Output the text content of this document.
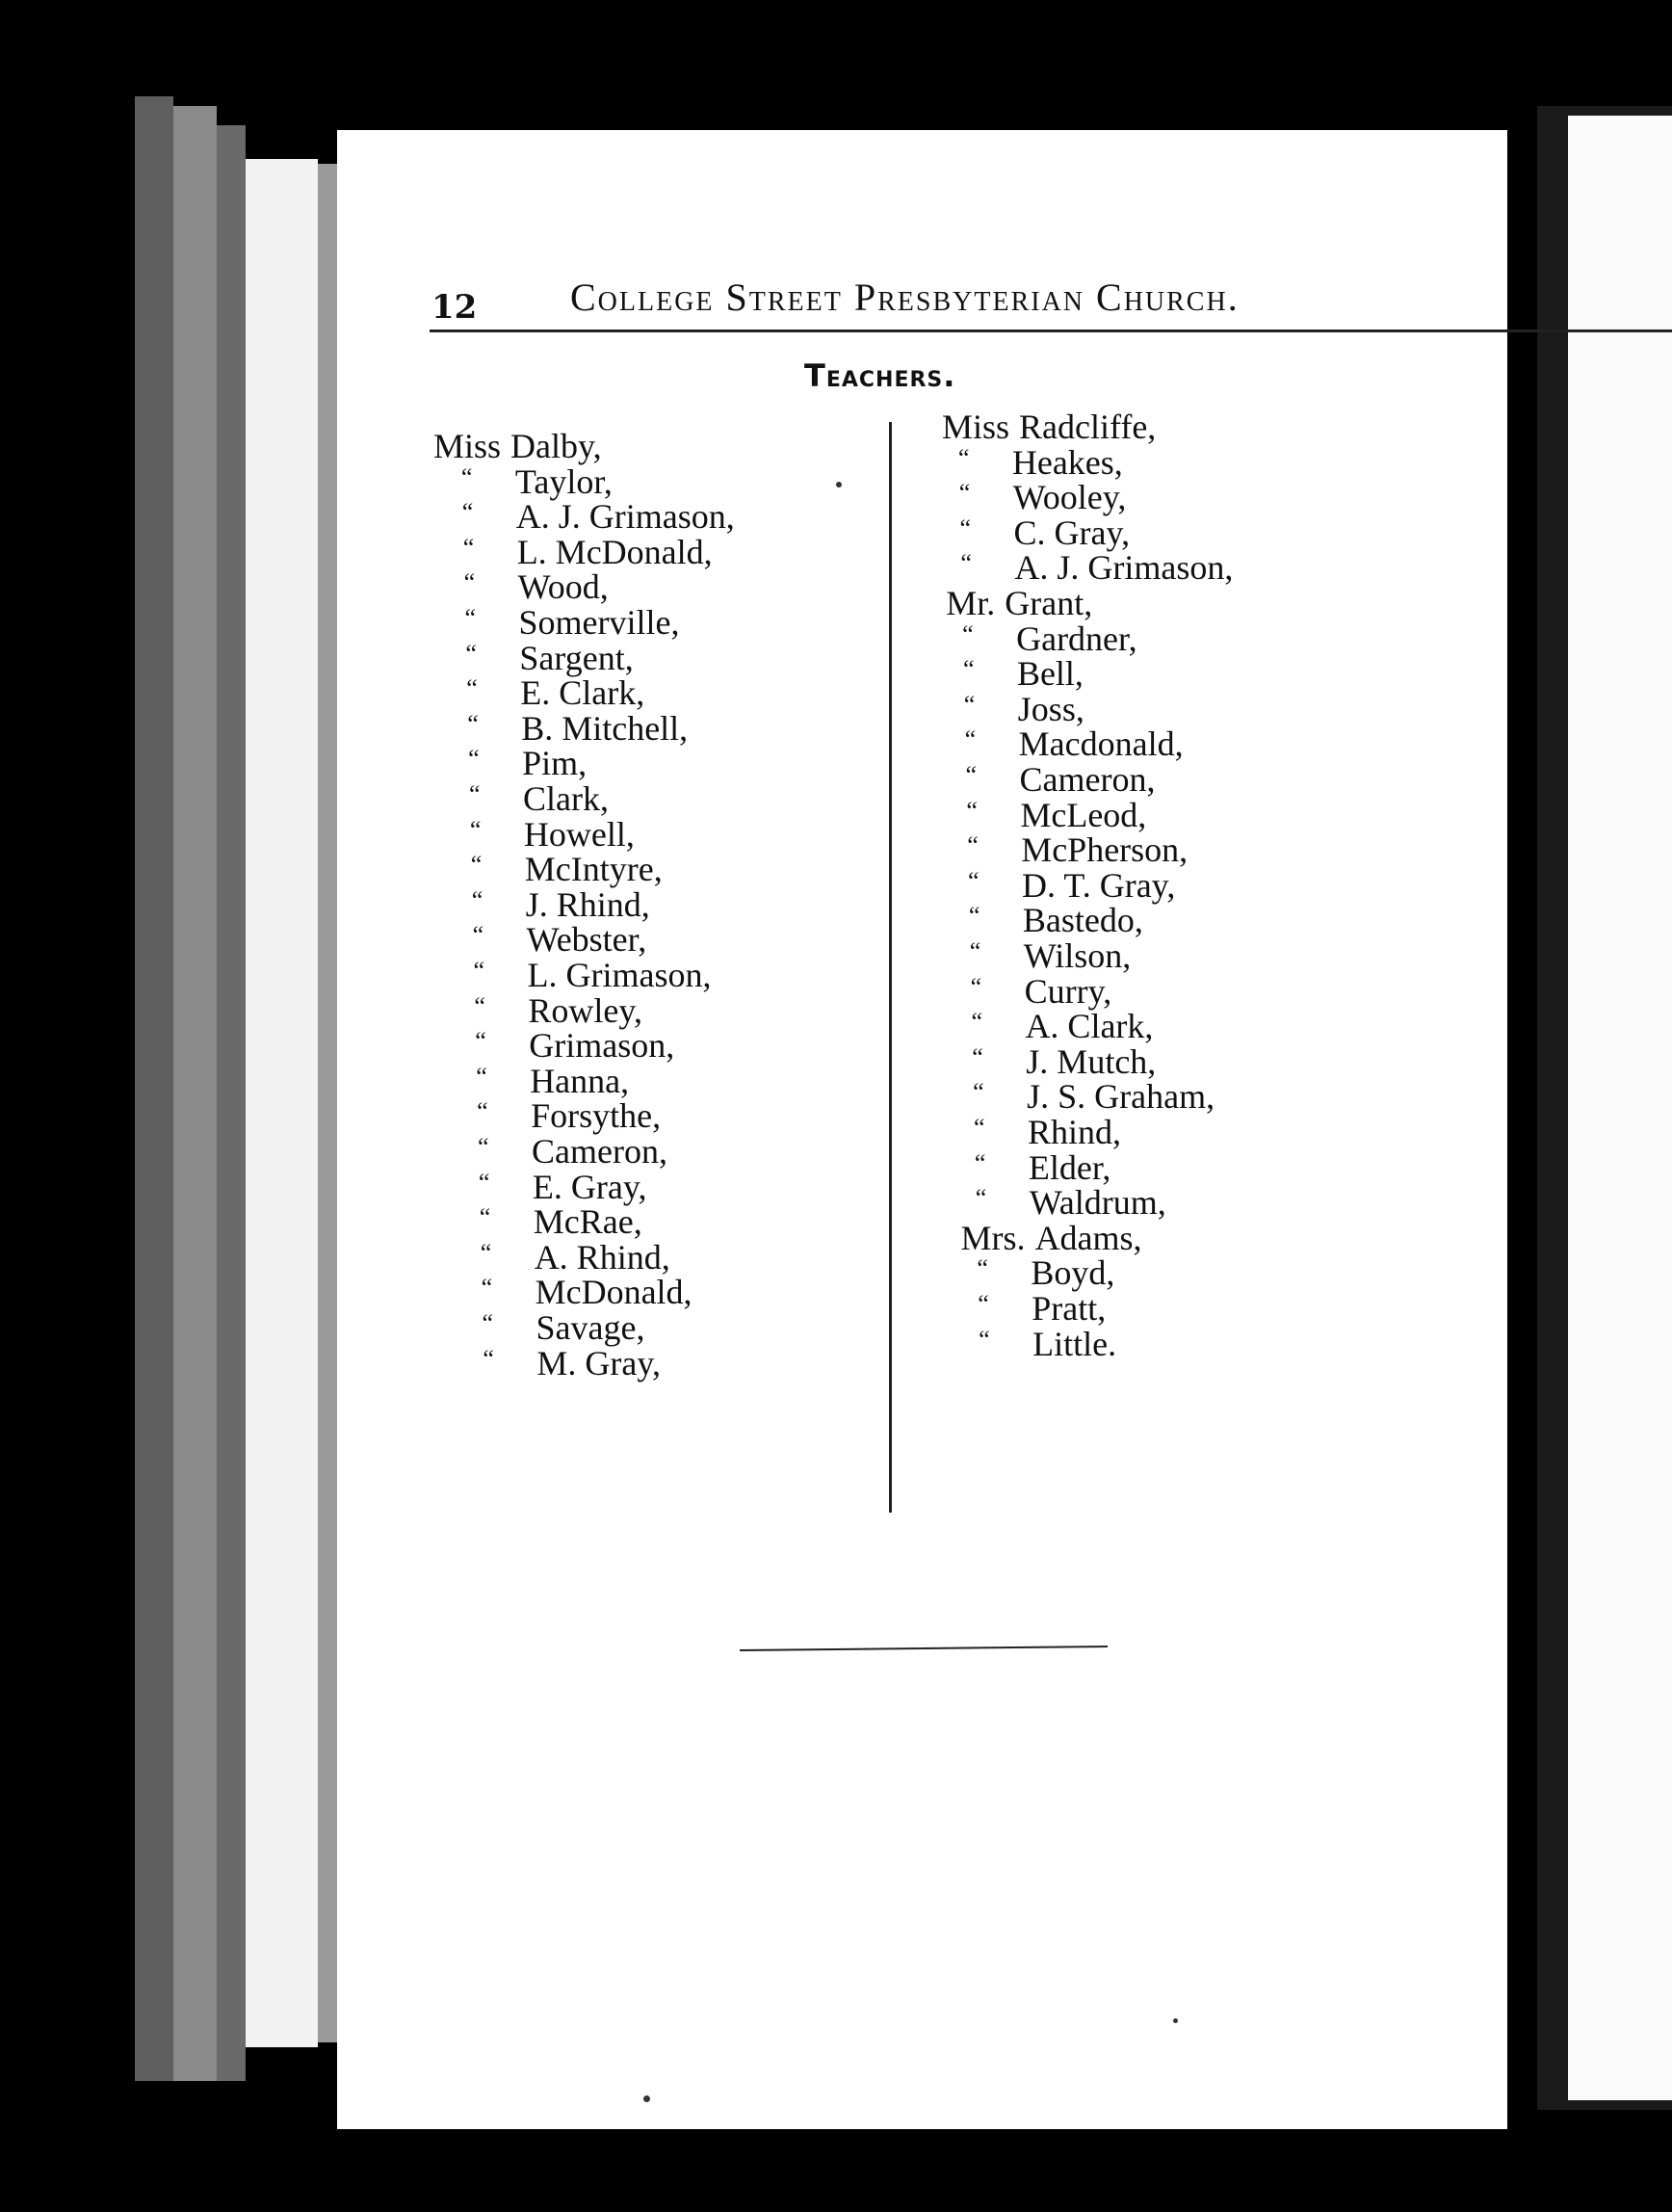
12 College Street Presbyterian Church.
Teachers.
Miss Dalby,
“ Taylor,
“ A. J. Grimason,
“ L. McDonald,
“ Wood,
“ Somerville,
“ Sargent,
“ E. Clark,
“ B. Mitchell,
“ Pim,
“ Clark,
“ Howell,
“ McIntyre,
“ J. Rhind,
“ Webster,
“ L. Grimason,
“ Rowley,
“ Grimason,
“ Hanna,
“ Forsythe,
“ Cameron,
“ E. Gray,
“ McRae,
“ A. Rhind,
“ McDonald,
“ Savage,
“ M. Gray,
Miss Radcliffe,
“ Heakes,
“ Wooley,
“ C. Gray,
“ A. J. Grimason,
Mr. Grant,
“ Gardner,
“ Bell,
“ Joss,
“ Macdonald,
“ Cameron,
“ McLeod,
“ McPherson,
“ D. T. Gray,
“ Bastedo,
“ Wilson,
“ Curry,
“ A. Clark,
“ J. Mutch,
“ J. S. Graham,
“ Rhind,
“ Elder,
“ Waldrum,
Mrs. Adams,
“ Boyd,
“ Pratt,
“ Little.
